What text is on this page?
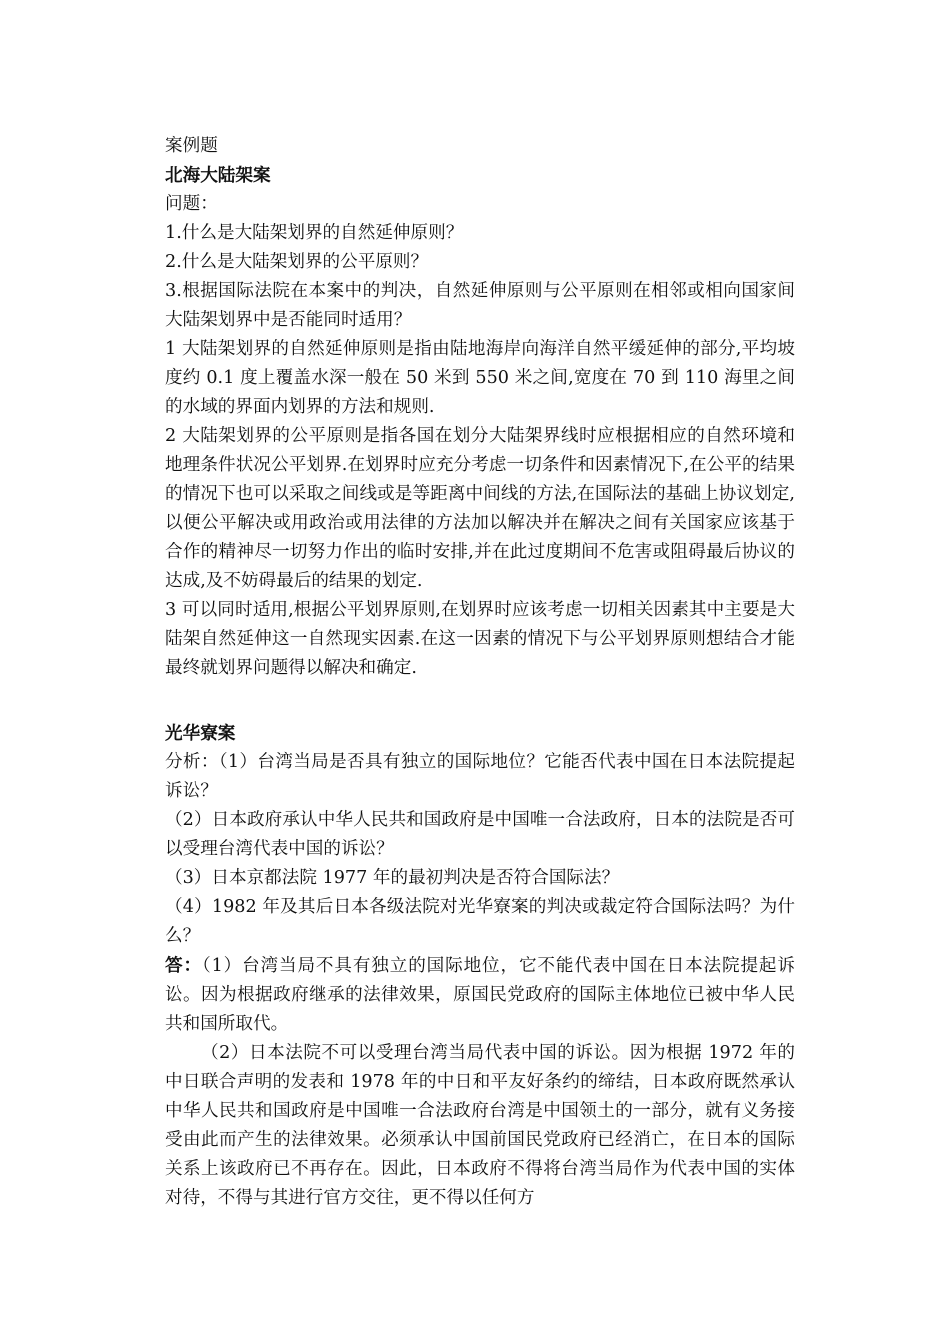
案例题

北海大陆架案

问题：

1.什么是大陆架划界的自然延伸原则？

2.什么是大陆架划界的公平原则？

3.根据国际法院在本案中的判决，自然延伸原则与公平原则在相邻或相向国家间大陆架划界中是否能同时适用？

1 大陆架划界的自然延伸原则是指由陆地海岸向海洋自然平缓延伸的部分,平均坡度约 0.1 度上覆盖水深一般在 50 米到 550 米之间,宽度在 70 到 110 海里之间的水域的界面内划界的方法和规则.

2 大陆架划界的公平原则是指各国在划分大陆架界线时应根据相应的自然环境和地理条件状况公平划界.在划界时应充分考虑一切条件和因素情况下,在公平的结果的情况下也可以采取之间线或是等距离中间线的方法,在国际法的基础上协议划定,以便公平解决或用政治或用法律的方法加以解决并在解决之间有关国家应该基于合作的精神尽一切努力作出的临时安排,并在此过度期间不危害或阻碍最后协议的达成,及不妨碍最后的结果的划定.

3 可以同时适用,根据公平划界原则,在划界时应该考虑一切相关因素其中主要是大陆架自然延伸这一自然现实因素.在这一因素的情况下与公平划界原则想结合才能最终就划界问题得以解决和确定.

光华寮案

分析：（1）台湾当局是否具有独立的国际地位？它能否代表中国在日本法院提起诉讼？

（2）日本政府承认中华人民共和国政府是中国唯一合法政府，日本的法院是否可以受理台湾代表中国的诉讼？

（3）日本京都法院 1977 年的最初判决是否符合国际法？

（4）1982 年及其后日本各级法院对光华寮案的判决或裁定符合国际法吗？为什么？

答：（1）台湾当局不具有独立的国际地位，它不能代表中国在日本法院提起诉讼。因为根据政府继承的法律效果，原国民党政府的国际主体地位已被中华人民共和国所取代。

（2）日本法院不可以受理台湾当局代表中国的诉讼。因为根据 1972 年的中日联合声明的发表和 1978 年的中日和平友好条约的缔结，日本政府既然承认中华人民共和国政府是中国唯一合法政府台湾是中国领土的一部分，就有义务接受由此而产生的法律效果。必须承认中国前国民党政府已经消亡，在日本的国际关系上该政府已不再存在。因此，日本政府不得将台湾当局作为代表中国的实体对待，不得与其进行官方交往，更不得以任何方
